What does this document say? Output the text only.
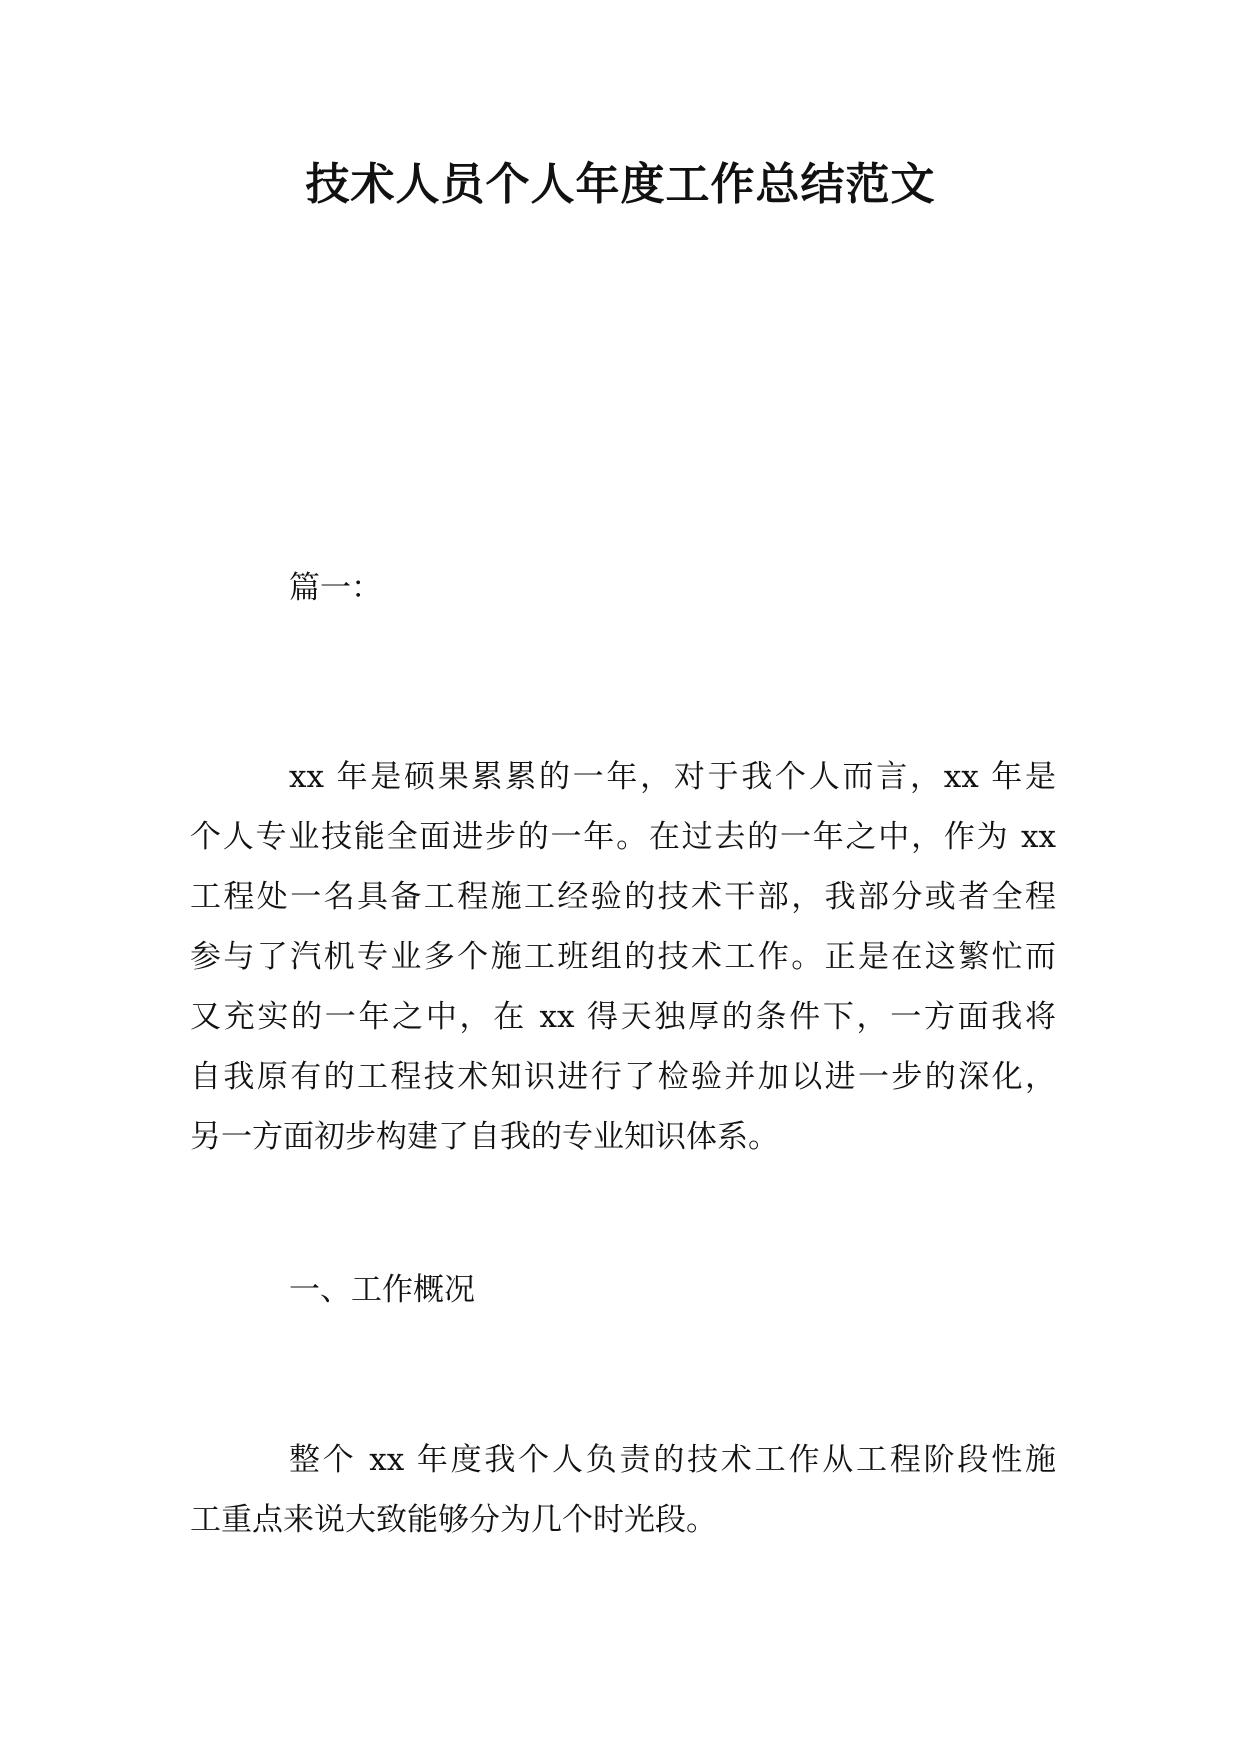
技术人员个人年度工作总结范文

篇一：

xx 年是硕果累累的一年，对于我个人而言，xx 年是
个人专业技能全面进步的一年。在过去的一年之中，作为 xx
工程处一名具备工程施工经验的技术干部，我部分或者全程
参与了汽机专业多个施工班组的技术工作。正是在这繁忙而
又充实的一年之中，在 xx 得天独厚的条件下，一方面我将
自我原有的工程技术知识进行了检验并加以进一步的深化，
另一方面初步构建了自我的专业知识体系。

一、工作概况

整个 xx 年度我个人负责的技术工作从工程阶段性施
工重点来说大致能够分为几个时光段。
